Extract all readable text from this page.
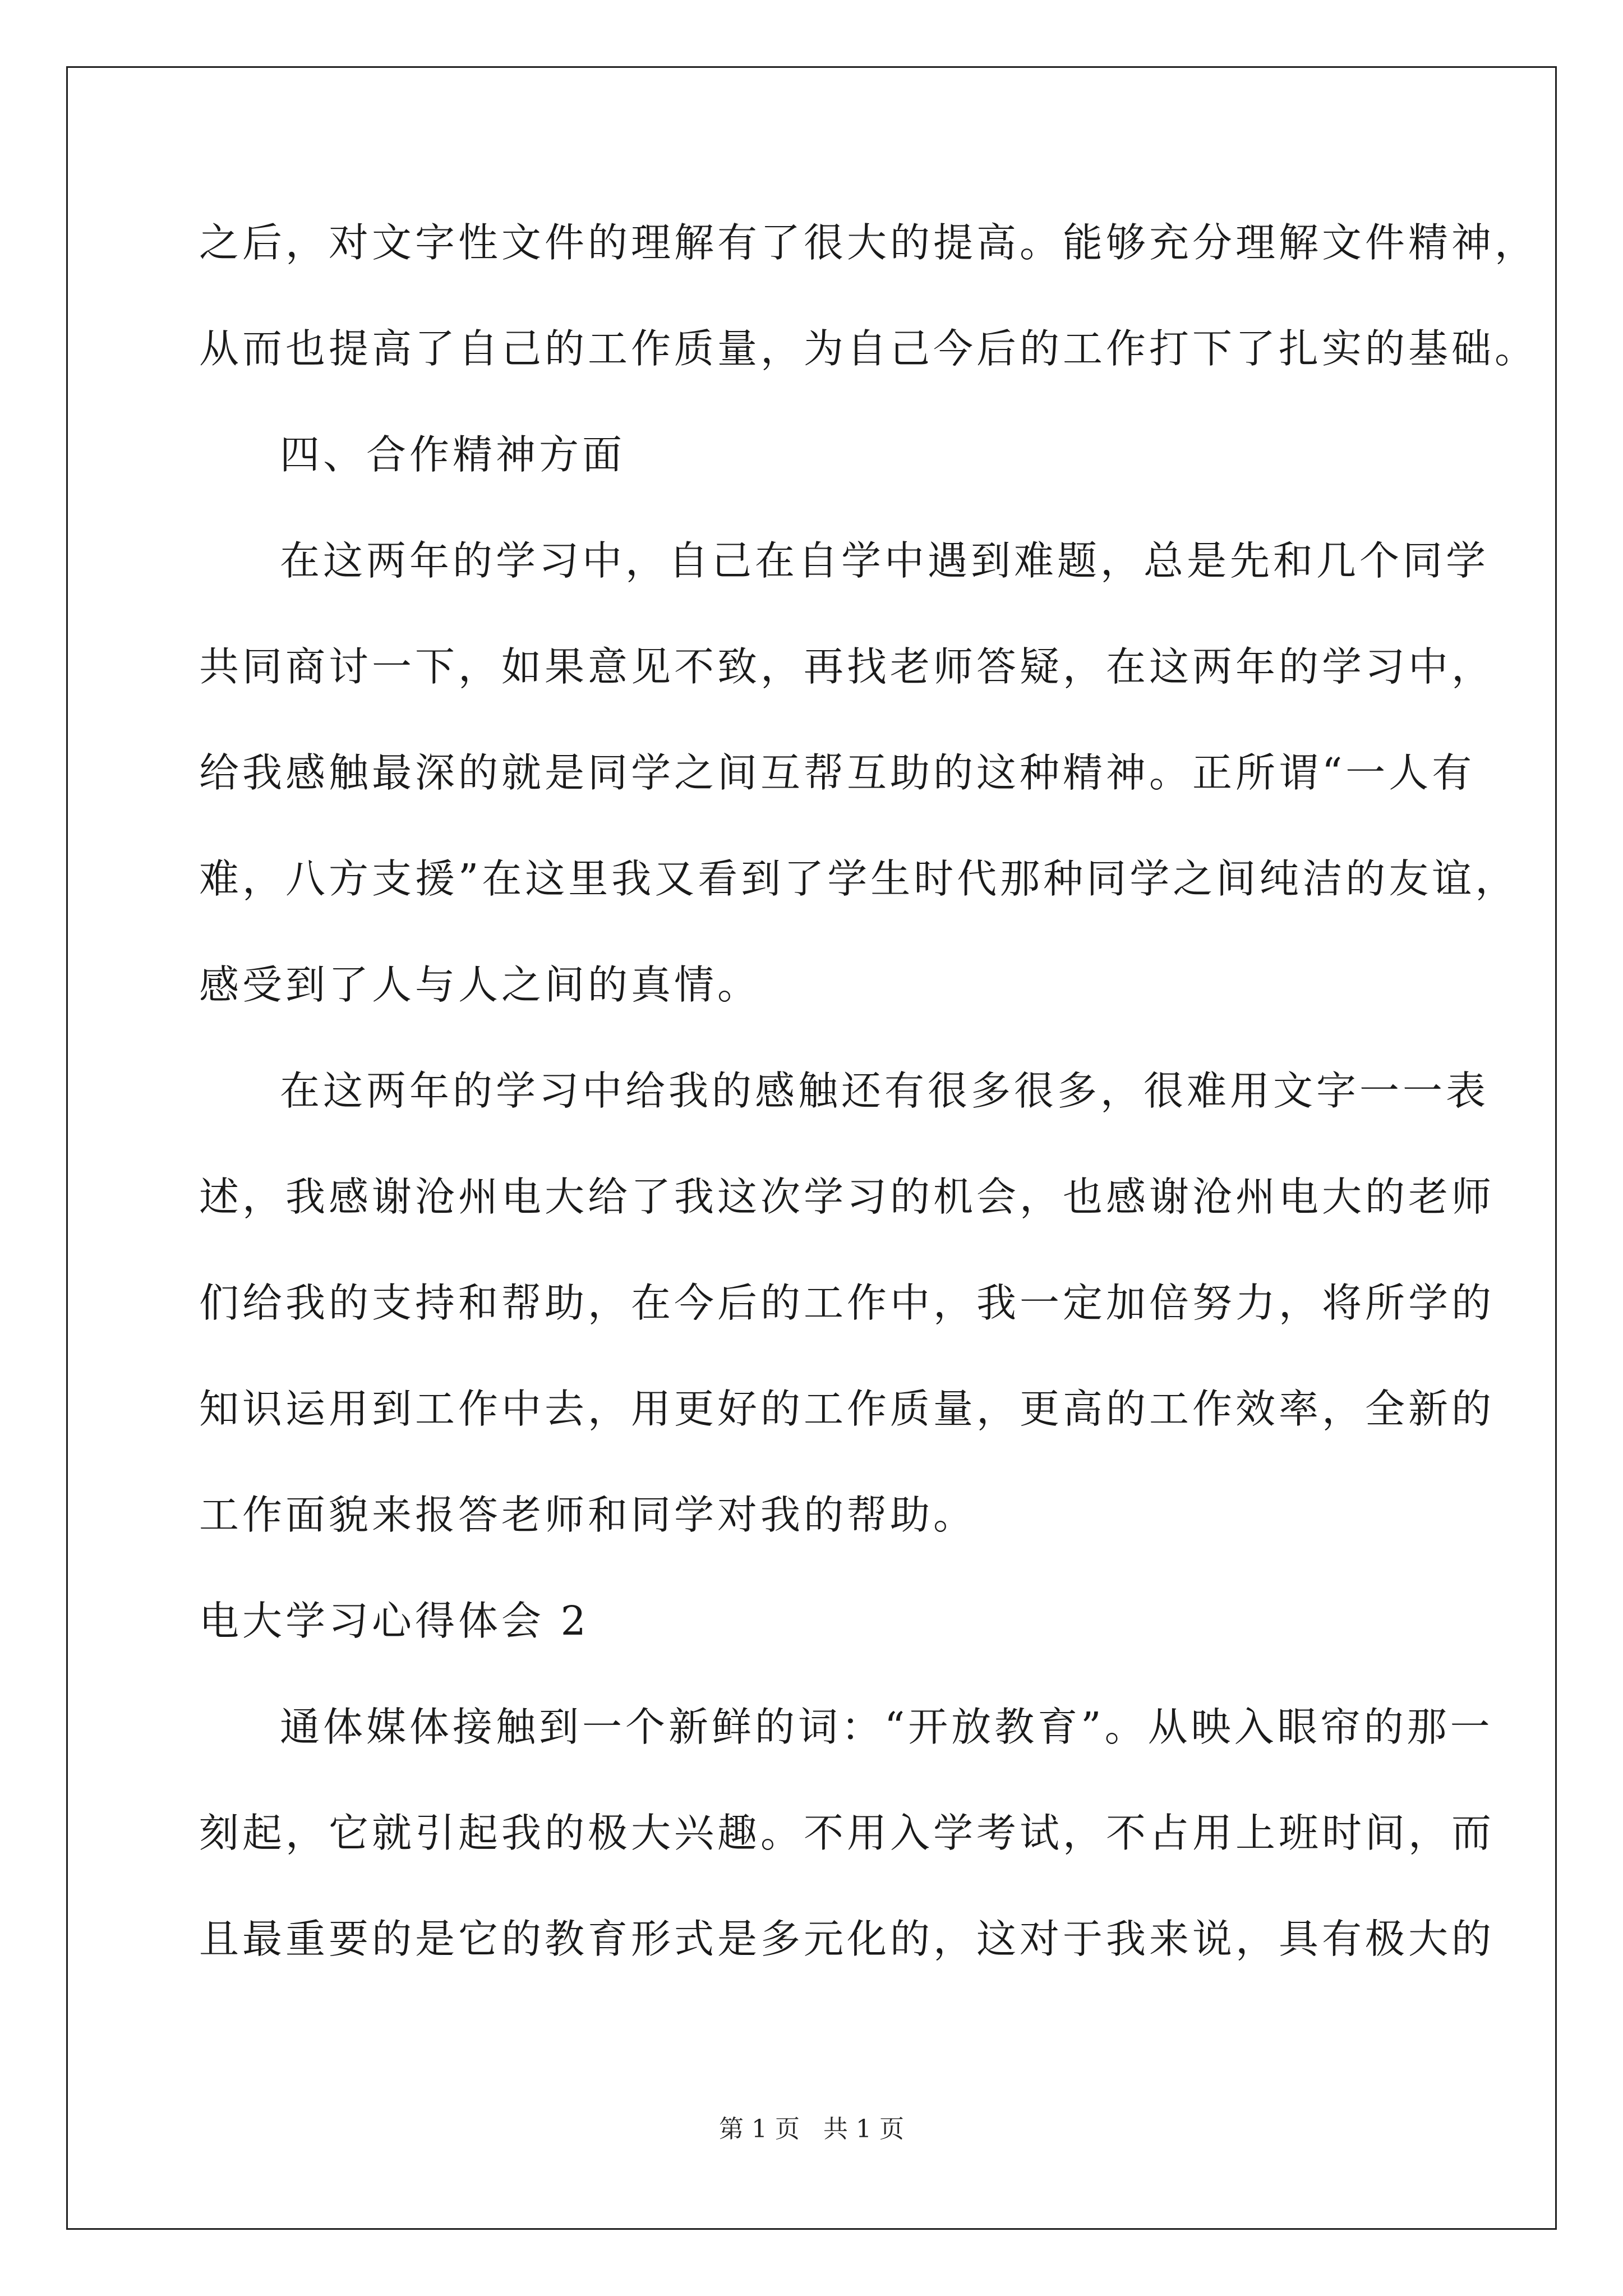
之后，对文字性文件的理解有了很大的提高。能够充分理解文件精神，
从而也提高了自己的工作质量，为自己今后的工作打下了扎实的基础。
四、合作精神方面
在这两年的学习中，自己在自学中遇到难题，总是先和几个同学
共同商讨一下，如果意见不致，再找老师答疑，在这两年的学习中，
给我感触最深的就是同学之间互帮互助的这种精神。正所谓“一人有
难，八方支援”在这里我又看到了学生时代那种同学之间纯洁的友谊，
感受到了人与人之间的真情。
在这两年的学习中给我的感触还有很多很多，很难用文字一一表
述，我感谢沧州电大给了我这次学习的机会，也感谢沧州电大的老师
们给我的支持和帮助，在今后的工作中，我一定加倍努力，将所学的
知识运用到工作中去，用更好的工作质量，更高的工作效率，全新的
工作面貌来报答老师和同学对我的帮助。
电大学习心得体会 2
通体媒体接触到一个新鲜的词：“开放教育”。从映入眼帘的那一
刻起，它就引起我的极大兴趣。不用入学考试，不占用上班时间，而
且最重要的是它的教育形式是多元化的，这对于我来说，具有极大的
第 1 页   共 1 页
